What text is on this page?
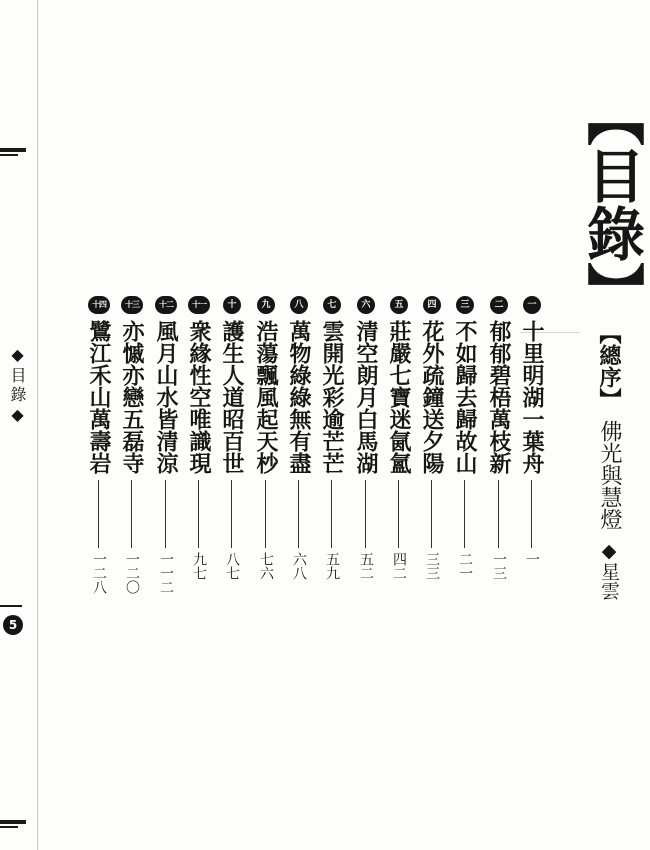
◆目錄◆
5
【目錄】
【總序】佛光與慧燈
◆星雲
一
十里明湖一葉舟
一
二
郁郁碧梧萬枝新
一三
三
不如歸去歸故山
二一
四
花外疏鐘送夕陽
三三
五
莊嚴七寶迷氤氳
四二
六
清空朗月白馬湖
五二
七
雲開光彩逾芒芒
五九
八
萬物綠綠無有盡
六八
九
浩蕩飄風起天杪
七六
十
護生人道昭百世
八七
十一
衆緣性空唯識現
九七
十二
風月山水皆清涼
一一二
十三
亦慽亦戀五磊寺
一二〇
十四
鷺江禾山萬壽岩
一二八
